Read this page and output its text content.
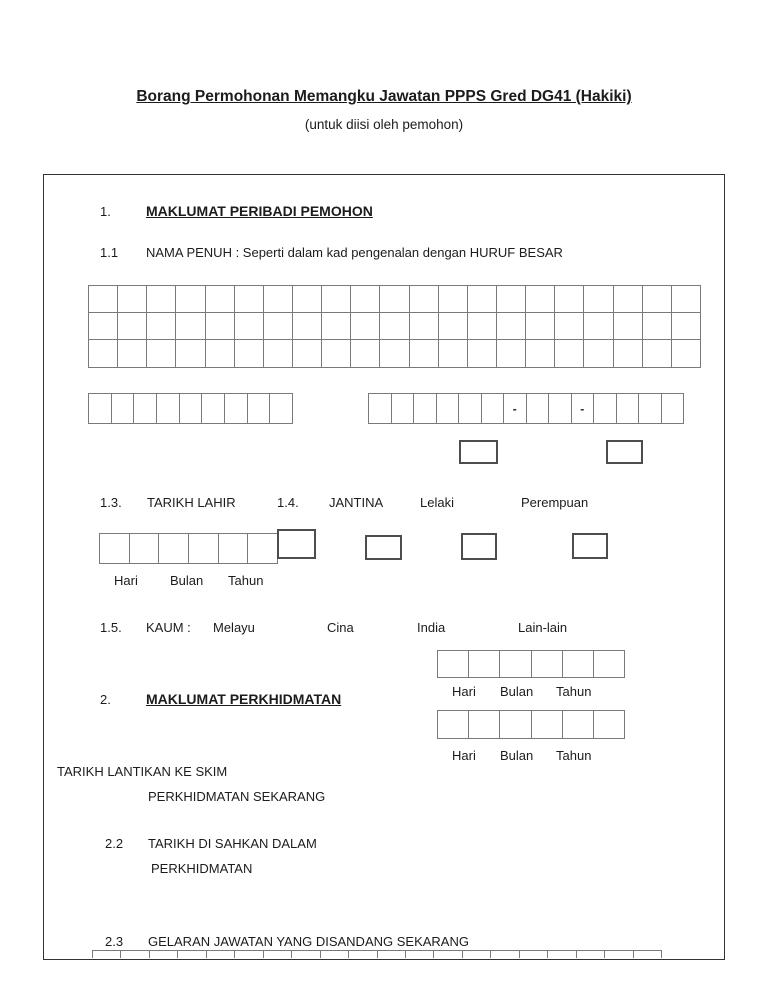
Borang Permohonan Memangku Jawatan PPPS Gred DG41 (Hakiki)
(untuk diisi oleh pemohon)
1.	MAKLUMAT PERIBADI PEMOHON
1.1 NAMA PENUH : Seperti dalam kad pengenalan dengan HURUF BESAR
-	-
1.3. TARIKH LAHIR	1.4. JANTINA	Lelaki	Perempuan
Hari Bulan Tahun
1.5. KAUM : Melayu	Cina	India	Lain-lain
Hari Bulan Tahun
2.	MAKLUMAT PERKHIDMATAN
Hari Bulan Tahun
TARIKH LANTIKAN KE SKIM
PERKHIDMATAN SEKARANG
2.2 TARIKH DI SAHKAN DALAM
PERKHIDMATAN
2.3 GELARAN JAWATAN YANG DISANDANG SEKARANG
